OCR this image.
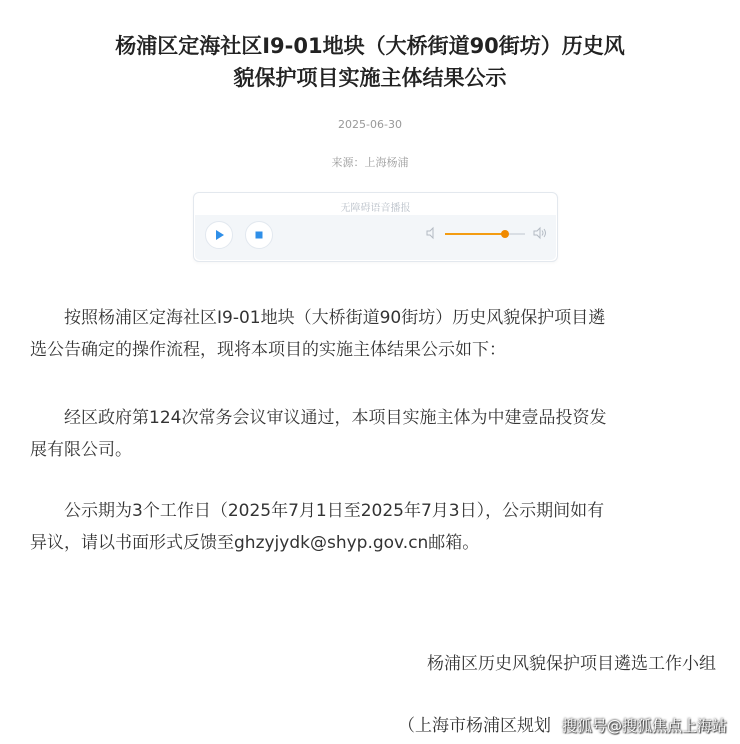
杨浦区定海社区I9-01地块（大桥街道90街坊）历史风
貌保护项目实施主体结果公示
2025-06-30
来源：上海杨浦
无障碍语音播报
按照杨浦区定海社区I9-01地块（大桥街道90街坊）历史风貌保护项目遴
选公告确定的操作流程，现将本项目的实施主体结果公示如下：
经区政府第124次常务会议审议通过，本项目实施主体为中建壹品投资发
展有限公司。
公示期为3个工作日（2025年7月1日至2025年7月3日），公示期间如有
异议，请以书面形式反馈至ghzyjydk@shyp.gov.cn邮箱。
杨浦区历史风貌保护项目遴选工作小组
（上海市杨浦区规划 搜狐号@搜狐焦点上海站
